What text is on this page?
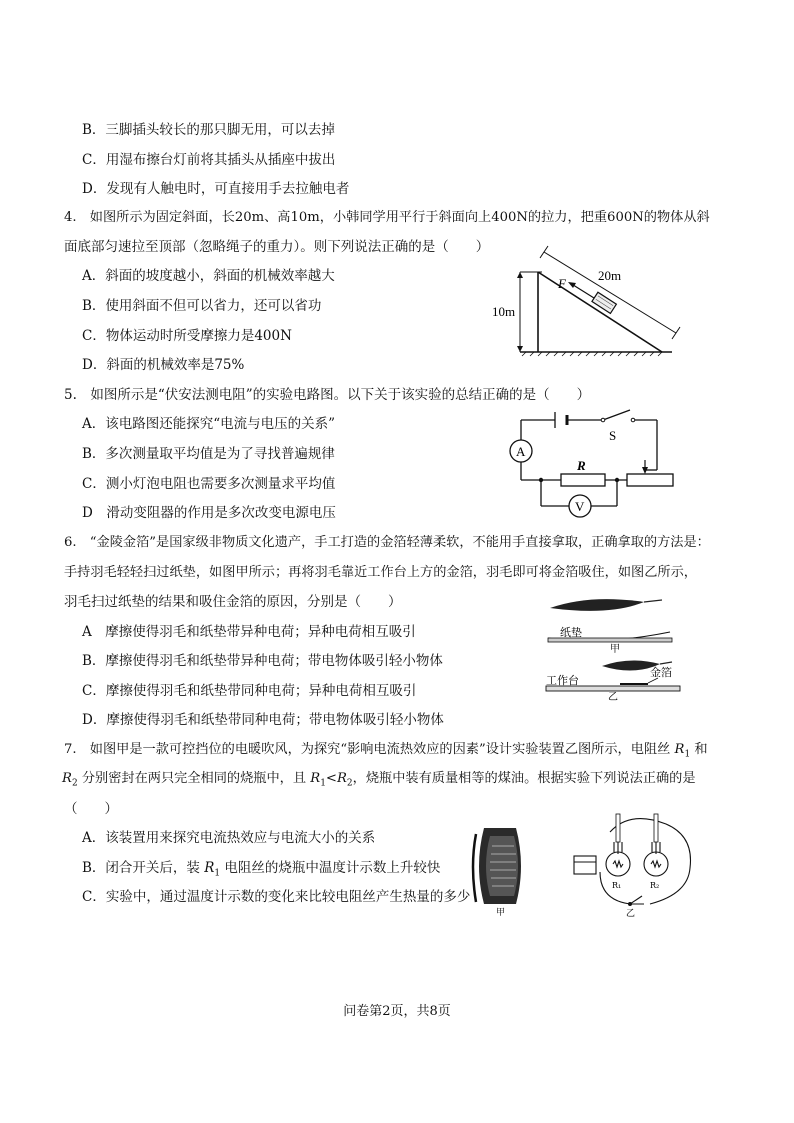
B．三脚插头较长的那只脚无用，可以去掉
C．用湿布擦台灯前将其插头从插座中拔出
D．发现有人触电时，可直接用手去拉触电者
4.　如图所示为固定斜面，长20m、高10m，小韩同学用平行于斜面向上400N的拉力，把重600N的物体从斜
面底部匀速拉至顶部（忽略绳子的重力）。则下列说法正确的是（　　）
A．斜面的坡度越小，斜面的机械效率越大
B．使用斜面不但可以省力，还可以省功
C．物体运动时所受摩擦力是400N
D．斜面的机械效率是75%
F
20m
10m
5.　如图所示是“伏安法测电阻”的实验电路图。以下关于该实验的总结正确的是（　　）
A．该电路图还能探究“电流与电压的关系”
B．多次测量取平均值是为了寻找普遍规律
C．测小灯泡电阻也需要多次测量求平均值
D　滑动变阻器的作用是多次改变电源电压
A
V
S
R
6.　“金陵金箔”是国家级非物质文化遗产，手工打造的金箔轻薄柔软，不能用手直接拿取，正确拿取的方法是：
手持羽毛轻轻扫过纸垫，如图甲所示；再将羽毛靠近工作台上方的金箔，羽毛即可将金箔吸住，如图乙所示，
羽毛扫过纸垫的结果和吸住金箔的原因，分别是（　　）
A　摩擦使得羽毛和纸垫带异种电荷；异种电荷相互吸引
B．摩擦使得羽毛和纸垫带异种电荷；带电物体吸引轻小物体
C．摩擦使得羽毛和纸垫带同种电荷；异种电荷相互吸引
D．摩擦使得羽毛和纸垫带同种电荷；带电物体吸引轻小物体
纸垫
甲
金箔
工作台
乙
7.　如图甲是一款可控挡位的电暖吹风，为探究“影响电流热效应的因素”设计实验装置乙图所示，电阻丝 $R_1$ 和
$R_2$ 分别密封在两只完全相同的烧瓶中，且 $R_1<R_2$，烧瓶中装有质量相等的煤油。根据实验下列说法正确的是
（　　）
A．该装置用来探究电流热效应与电流大小的关系
B．闭合开关后，装 $R_1$ 电阻丝的烧瓶中温度计示数上升较快
C．实验中，通过温度计示数的变化来比较电阻丝产生热量的多少
甲
R₁	R₂
乙
问卷第2页，共8页
